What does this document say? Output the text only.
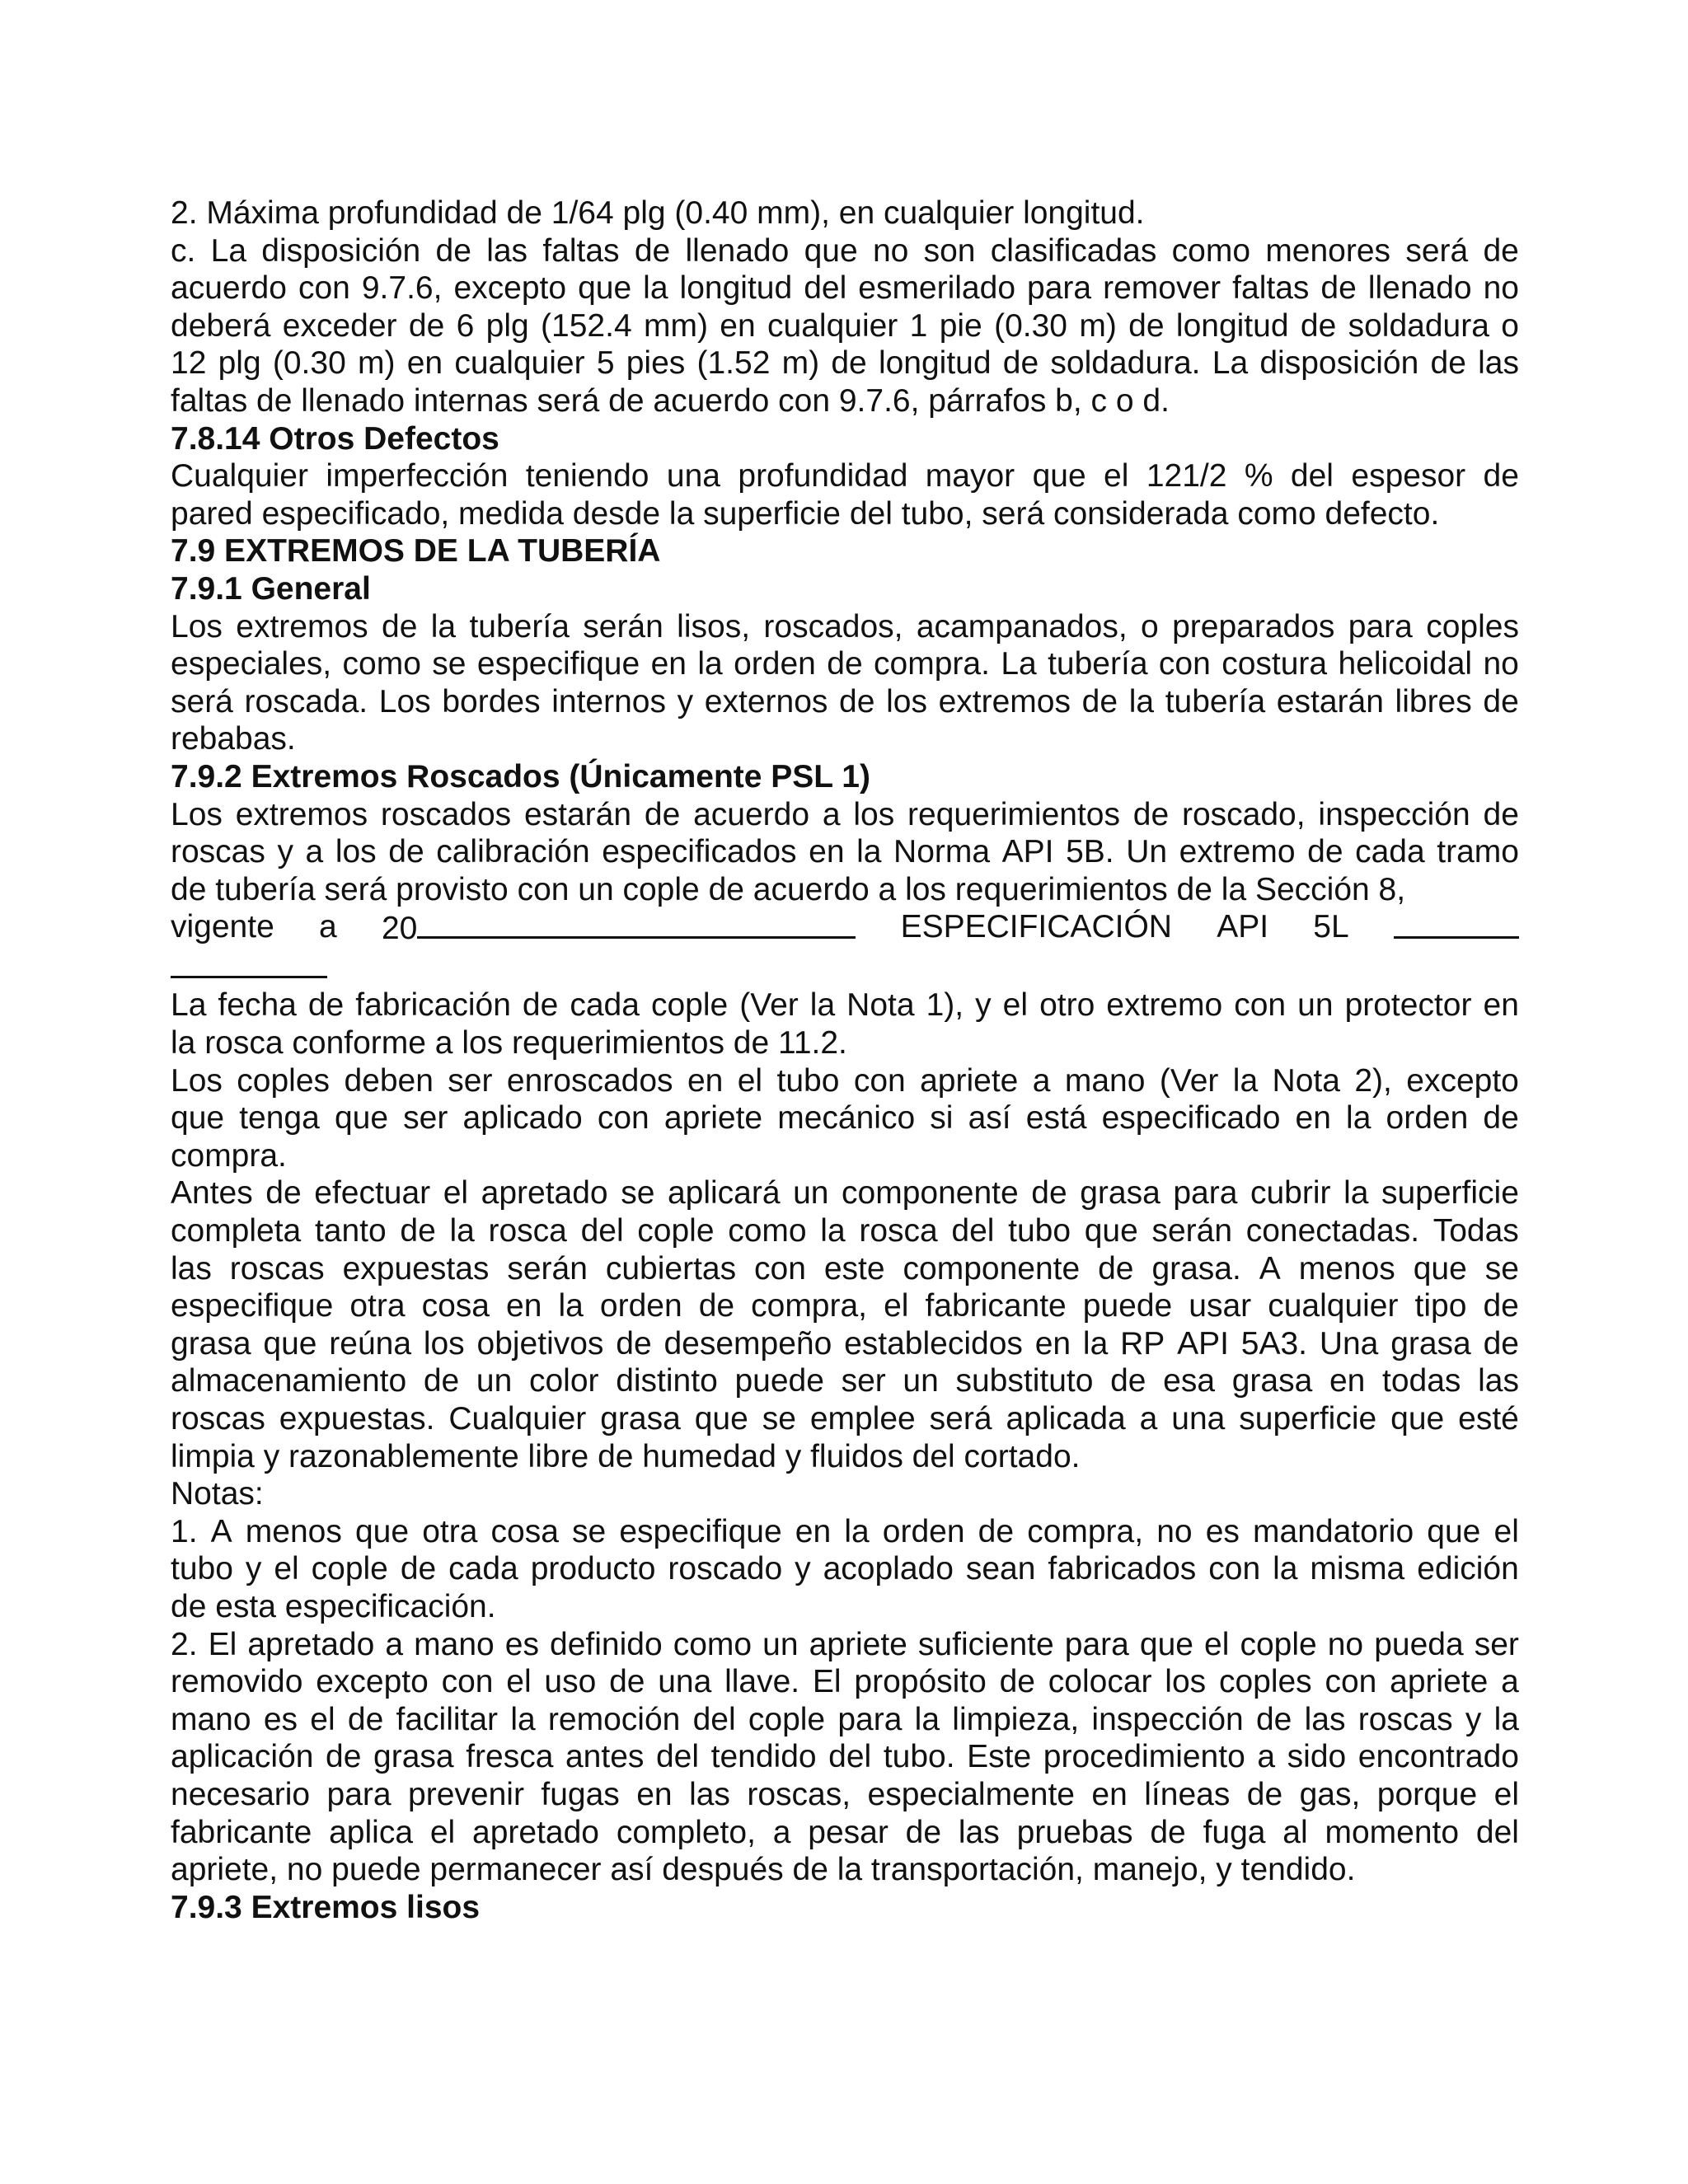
2. Máxima profundidad de 1/64 plg (0.40 mm), en cualquier longitud.
c. La disposición de las faltas de llenado que no son clasificadas como menores será de
acuerdo con 9.7.6, excepto que la longitud del esmerilado para remover faltas de llenado no
deberá exceder de 6 plg (152.4 mm) en cualquier 1 pie (0.30 m) de longitud de soldadura o
12 plg (0.30 m) en cualquier 5 pies (1.52 m) de longitud de soldadura. La disposición de las
faltas de llenado internas será de acuerdo con 9.7.6, párrafos b, c o d.
7.8.14 Otros Defectos
Cualquier imperfección teniendo una profundidad mayor que el 121/2 % del espesor de
pared especificado, medida desde la superficie del tubo, será considerada como defecto.
7.9 EXTREMOS DE LA TUBERÍA
7.9.1 General
Los extremos de la tubería serán lisos, roscados, acampanados, o preparados para coples
especiales, como se especifique en la orden de compra. La tubería con costura helicoidal no
será roscada. Los bordes internos y externos de los extremos de la tubería estarán libres de
rebabas.
7.9.2 Extremos Roscados (Únicamente PSL 1)
Los extremos roscados estarán de acuerdo a los requerimientos de roscado, inspección de
roscas y a los de calibración especificados en la Norma API 5B. Un extremo de cada tramo
de tubería será provisto con un cople de acuerdo a los requerimientos de la Sección 8,
vigente a 20	ESPECIFICACIÓN API 5L
La fecha de fabricación de cada cople (Ver la Nota 1), y el otro extremo con un protector en
la rosca conforme a los requerimientos de 11.2.
Los coples deben ser enroscados en el tubo con apriete a mano (Ver la Nota 2), excepto
que tenga que ser aplicado con apriete mecánico si así está especificado en la orden de
compra.
Antes de efectuar el apretado se aplicará un componente de grasa para cubrir la superficie
completa tanto de la rosca del cople como la rosca del tubo que serán conectadas. Todas
las roscas expuestas serán cubiertas con este componente de grasa. A menos que se
especifique otra cosa en la orden de compra, el fabricante puede usar cualquier tipo de
grasa que reúna los objetivos de desempeño establecidos en la RP API 5A3. Una grasa de
almacenamiento de un color distinto puede ser un substituto de esa grasa en todas las
roscas expuestas. Cualquier grasa que se emplee será aplicada a una superficie que esté
limpia y razonablemente libre de humedad y fluidos del cortado.
Notas:
1. A menos que otra cosa se especifique en la orden de compra, no es mandatorio que el
tubo y el cople de cada producto roscado y acoplado sean fabricados con la misma edición
de esta especificación.
2. El apretado a mano es definido como un apriete suficiente para que el cople no pueda ser
removido excepto con el uso de una llave. El propósito de colocar los coples con apriete a
mano es el de facilitar la remoción del cople para la limpieza, inspección de las roscas y la
aplicación de grasa fresca antes del tendido del tubo. Este procedimiento a sido encontrado
necesario para prevenir fugas en las roscas, especialmente en líneas de gas, porque el
fabricante aplica el apretado completo, a pesar de las pruebas de fuga al momento del
apriete, no puede permanecer así después de la transportación, manejo, y tendido.
7.9.3 Extremos lisos
